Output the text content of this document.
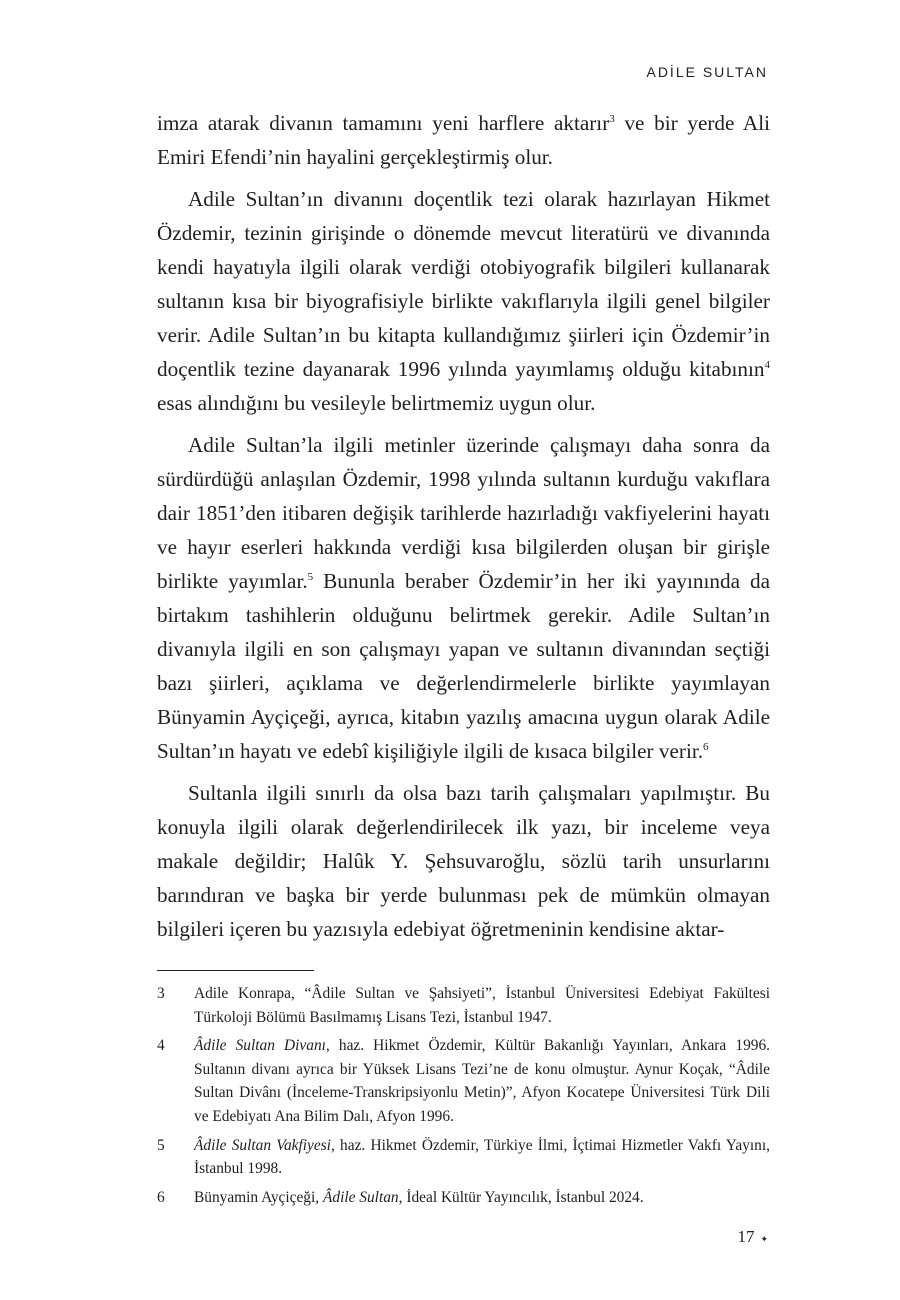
ADİLE SULTAN

imza atarak divanın tamamını yeni harflere aktarır$^3$ ve bir yerde Ali Emiri Efendi’nin hayalini gerçekleştirmiş olur.

Adile Sultan’ın divanını doçentlik tezi olarak hazırlayan Hikmet Özdemir, tezinin girişinde o dönemde mevcut literatürü ve divanında kendi hayatıyla ilgili olarak verdiği otobiyografik bilgileri kullanarak sultanın kısa bir biyografisiyle birlikte vakıflarıyla ilgili genel bilgiler verir. Adile Sultan’ın bu kitapta kullandığımız şiirleri için Özdemir’in doçentlik tezine dayanarak 1996 yılında yayımlamış olduğu kitabının$^4$ esas alındığını bu vesileyle belirtmemiz uygun olur.

Adile Sultan’la ilgili metinler üzerinde çalışmayı daha sonra da sürdürdüğü anlaşılan Özdemir, 1998 yılında sultanın kurduğu vakıflara dair 1851’den itibaren değişik tarihlerde hazırladığı vakfiyelerini hayatı ve hayır eserleri hakkında verdiği kısa bilgilerden oluşan bir girişle birlikte yayımlar.$^5$ Bununla beraber Özdemir’in her iki yayınında da birtakım tashihlerin olduğunu belirtmek gerekir. Adile Sultan’ın divanıyla ilgili en son çalışmayı yapan ve sultanın divanından seçtiği bazı şiirleri, açıklama ve değerlendirmelerle birlikte yayımlayan Bünyamin Ayçiçeği, ayrıca, kitabın yazılış amacına uygun olarak Adile Sultan’ın hayatı ve edebî kişiliğiyle ilgili de kısaca bilgiler verir.$^6$

Sultanla ilgili sınırlı da olsa bazı tarih çalışmaları yapılmıştır. Bu konuyla ilgili olarak değerlendirilecek ilk yazı, bir inceleme veya makale değildir; Halûk Y. Şehsuvaroğlu, sözlü tarih unsurlarını barındıran ve başka bir yerde bulunması pek de mümkün olmayan bilgileri içeren bu yazısıyla edebiyat öğretmeninin kendisine aktar-

3	Adile Konrapa, “Âdile Sultan ve Şahsiyeti”, İstanbul Üniversitesi Edebiyat Fakültesi Türkoloji Bölümü Basılmamış Lisans Tezi, İstanbul 1947.
4	Âdile Sultan Divanı, haz. Hikmet Özdemir, Kültür Bakanlığı Yayınları, Ankara 1996. Sultanın divanı ayrıca bir Yüksek Lisans Tezi’ne de konu olmuştur. Aynur Koçak, “Âdile Sultan Divânı (İnceleme-Transkripsiyonlu Metin)”, Afyon Kocatepe Üniversitesi Türk Dili ve Edebiyatı Ana Bilim Dalı, Afyon 1996.
5	Âdile Sultan Vakfiyesi, haz. Hikmet Özdemir, Türkiye İlmi, İçtimai Hizmetler Vakfı Yayını, İstanbul 1998.
6	Bünyamin Ayçiçeği, Âdile Sultan, İdeal Kültür Yayıncılık, İstanbul 2024.
17 ✦
